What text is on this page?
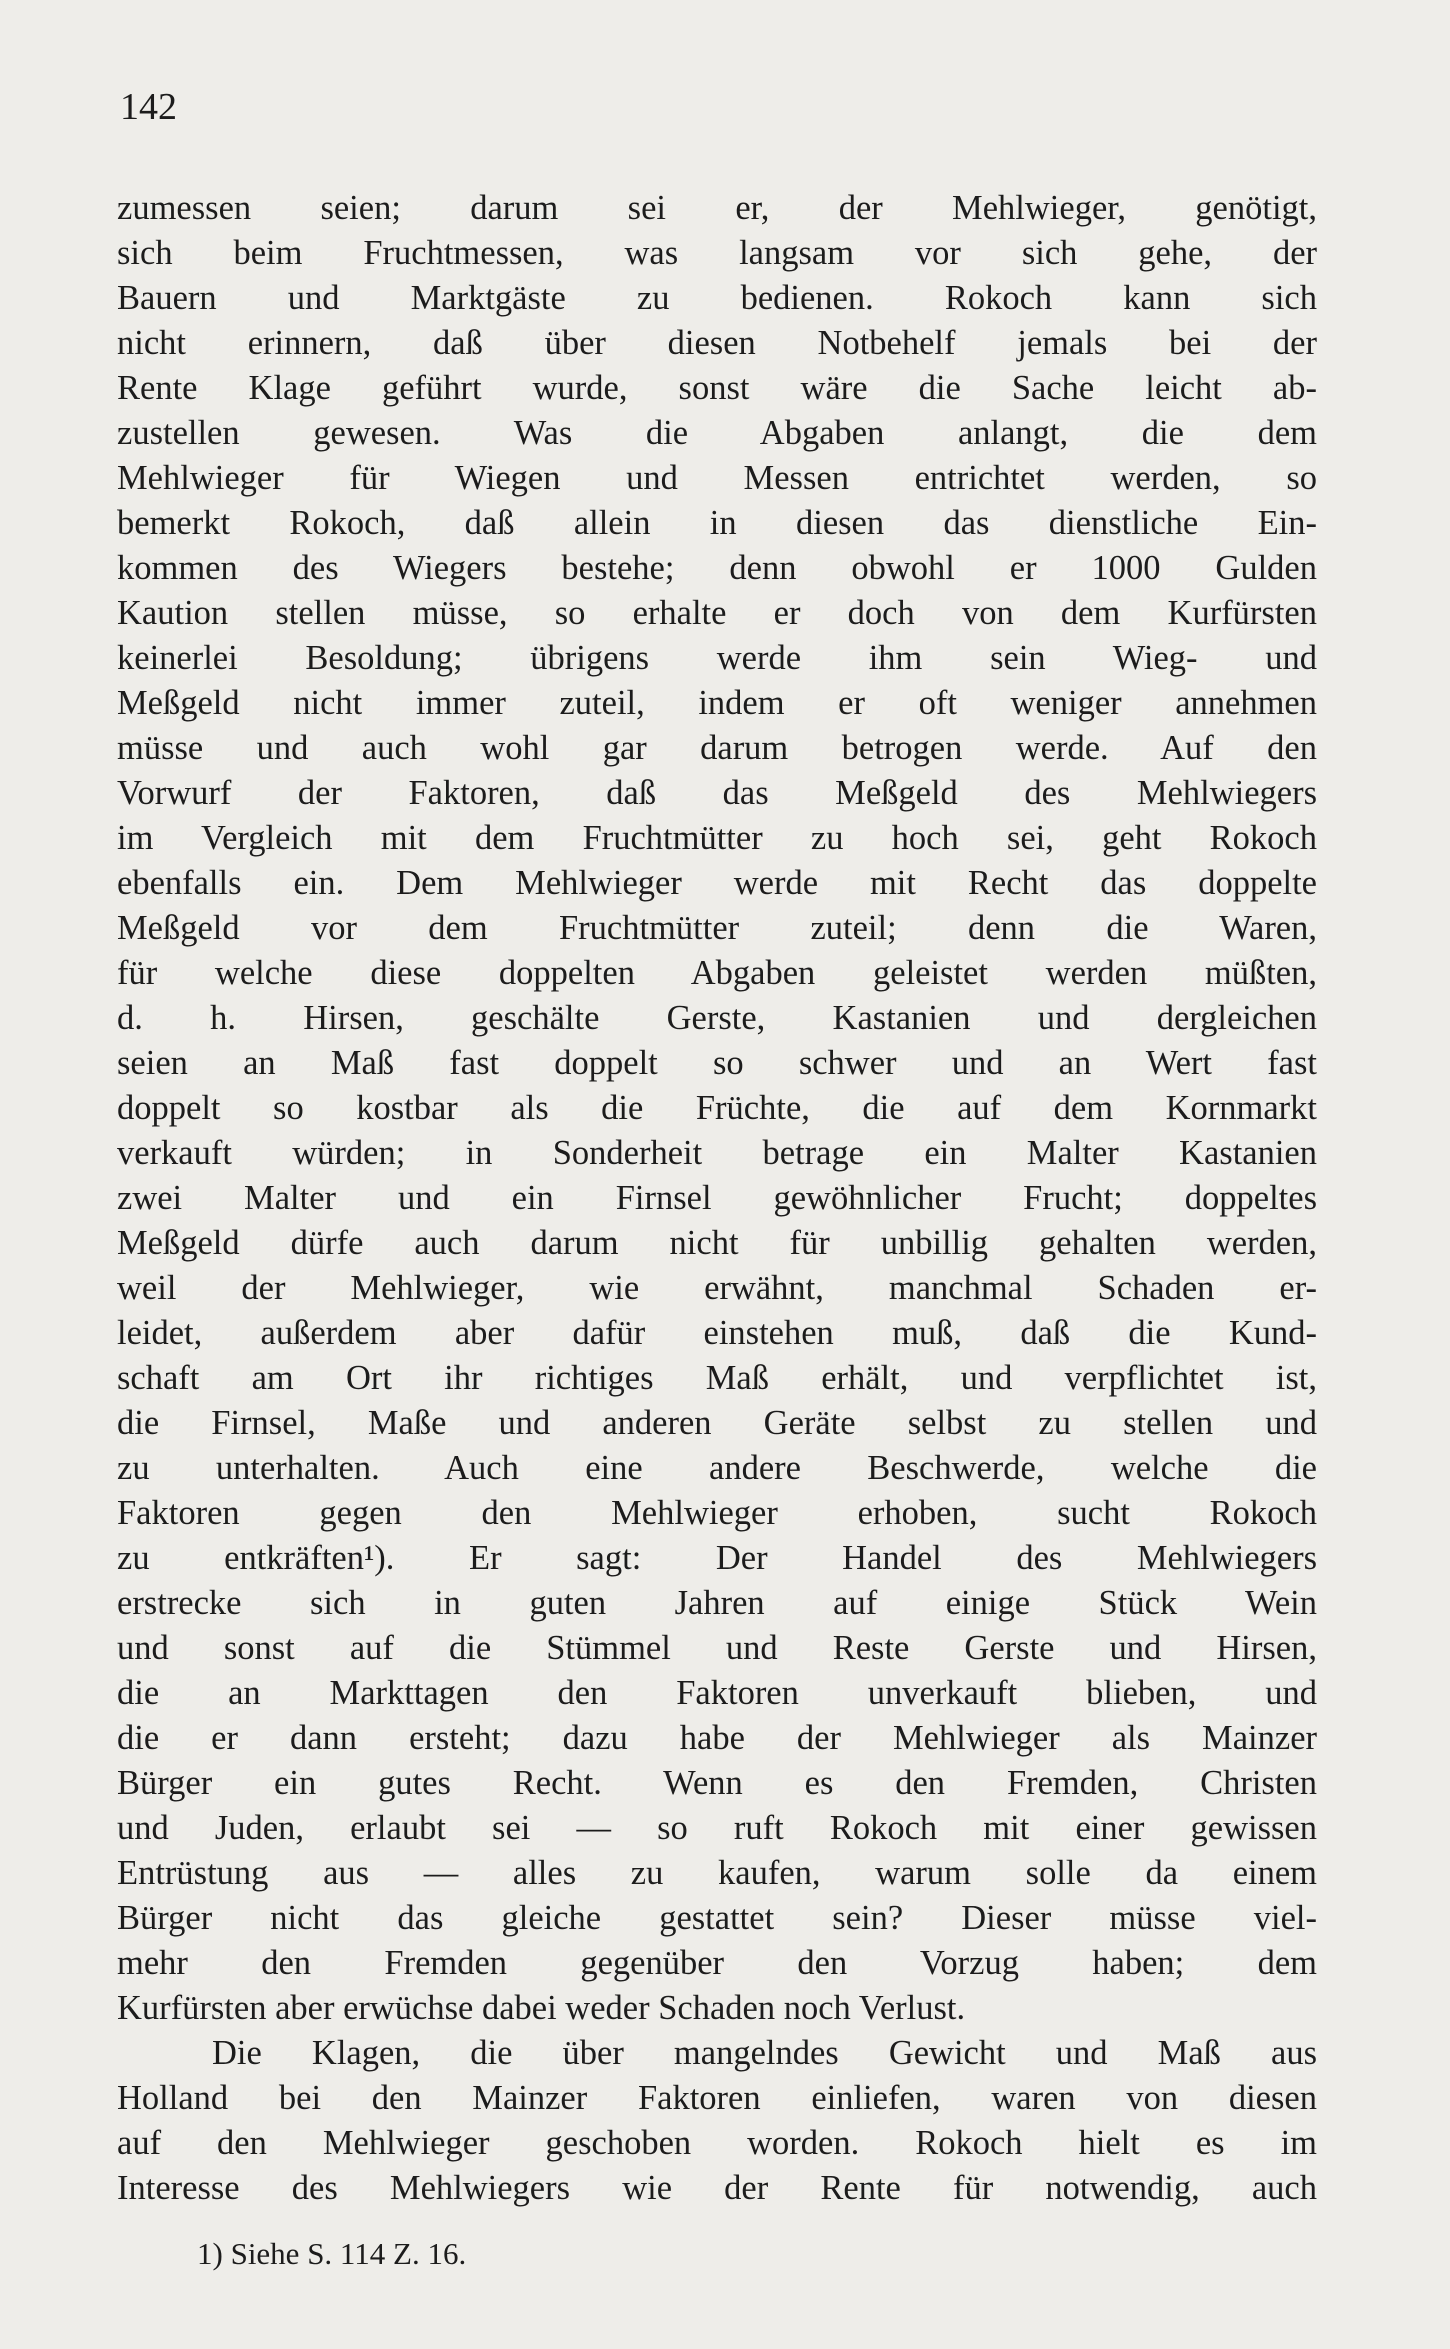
142

zumessen seien; darum sei er, der Mehlwieger, genötigt,

sich beim Fruchtmessen, was langsam vor sich gehe, der

Bauern und Marktgäste zu bedienen. Rokoch kann sich

nicht erinnern, daß über diesen Notbehelf jemals bei der

Rente Klage geführt wurde, sonst wäre die Sache leicht ab-

zustellen gewesen. Was die Abgaben anlangt, die dem

Mehlwieger für Wiegen und Messen entrichtet werden, so

bemerkt Rokoch, daß allein in diesen das dienstliche Ein-

kommen des Wiegers bestehe; denn obwohl er 1000 Gulden

Kaution stellen müsse, so erhalte er doch von dem Kurfürsten

keinerlei Besoldung; übrigens werde ihm sein Wieg- und

Meßgeld nicht immer zuteil, indem er oft weniger annehmen

müsse und auch wohl gar darum betrogen werde. Auf den

Vorwurf der Faktoren, daß das Meßgeld des Mehlwiegers

im Vergleich mit dem Fruchtmütter zu hoch sei, geht Rokoch

ebenfalls ein. Dem Mehlwieger werde mit Recht das doppelte

Meßgeld vor dem Fruchtmütter zuteil; denn die Waren,

für welche diese doppelten Abgaben geleistet werden müßten,

d. h. Hirsen, geschälte Gerste, Kastanien und dergleichen

seien an Maß fast doppelt so schwer und an Wert fast

doppelt so kostbar als die Früchte, die auf dem Kornmarkt

verkauft würden; in Sonderheit betrage ein Malter Kastanien

zwei Malter und ein Firnsel gewöhnlicher Frucht; doppeltes

Meßgeld dürfe auch darum nicht für unbillig gehalten werden,

weil der Mehlwieger, wie erwähnt, manchmal Schaden er-

leidet, außerdem aber dafür einstehen muß, daß die Kund-

schaft am Ort ihr richtiges Maß erhält, und verpflichtet ist,

die Firnsel, Maße und anderen Geräte selbst zu stellen und

zu unterhalten. Auch eine andere Beschwerde, welche die

Faktoren gegen den Mehlwieger erhoben, sucht Rokoch

zu entkräften¹). Er sagt: Der Handel des Mehlwiegers

erstrecke sich in guten Jahren auf einige Stück Wein

und sonst auf die Stümmel und Reste Gerste und Hirsen,

die an Markttagen den Faktoren unverkauft blieben, und

die er dann ersteht; dazu habe der Mehlwieger als Mainzer

Bürger ein gutes Recht. Wenn es den Fremden, Christen

und Juden, erlaubt sei — so ruft Rokoch mit einer gewissen

Entrüstung aus — alles zu kaufen, warum solle da einem

Bürger nicht das gleiche gestattet sein? Dieser müsse viel-

mehr den Fremden gegenüber den Vorzug haben; dem

Kurfürsten aber erwüchse dabei weder Schaden noch Verlust.

Die Klagen, die über mangelndes Gewicht und Maß aus

Holland bei den Mainzer Faktoren einliefen, waren von diesen

auf den Mehlwieger geschoben worden. Rokoch hielt es im

Interesse des Mehlwiegers wie der Rente für notwendig, auch

1) Siehe S. 114 Z. 16.
